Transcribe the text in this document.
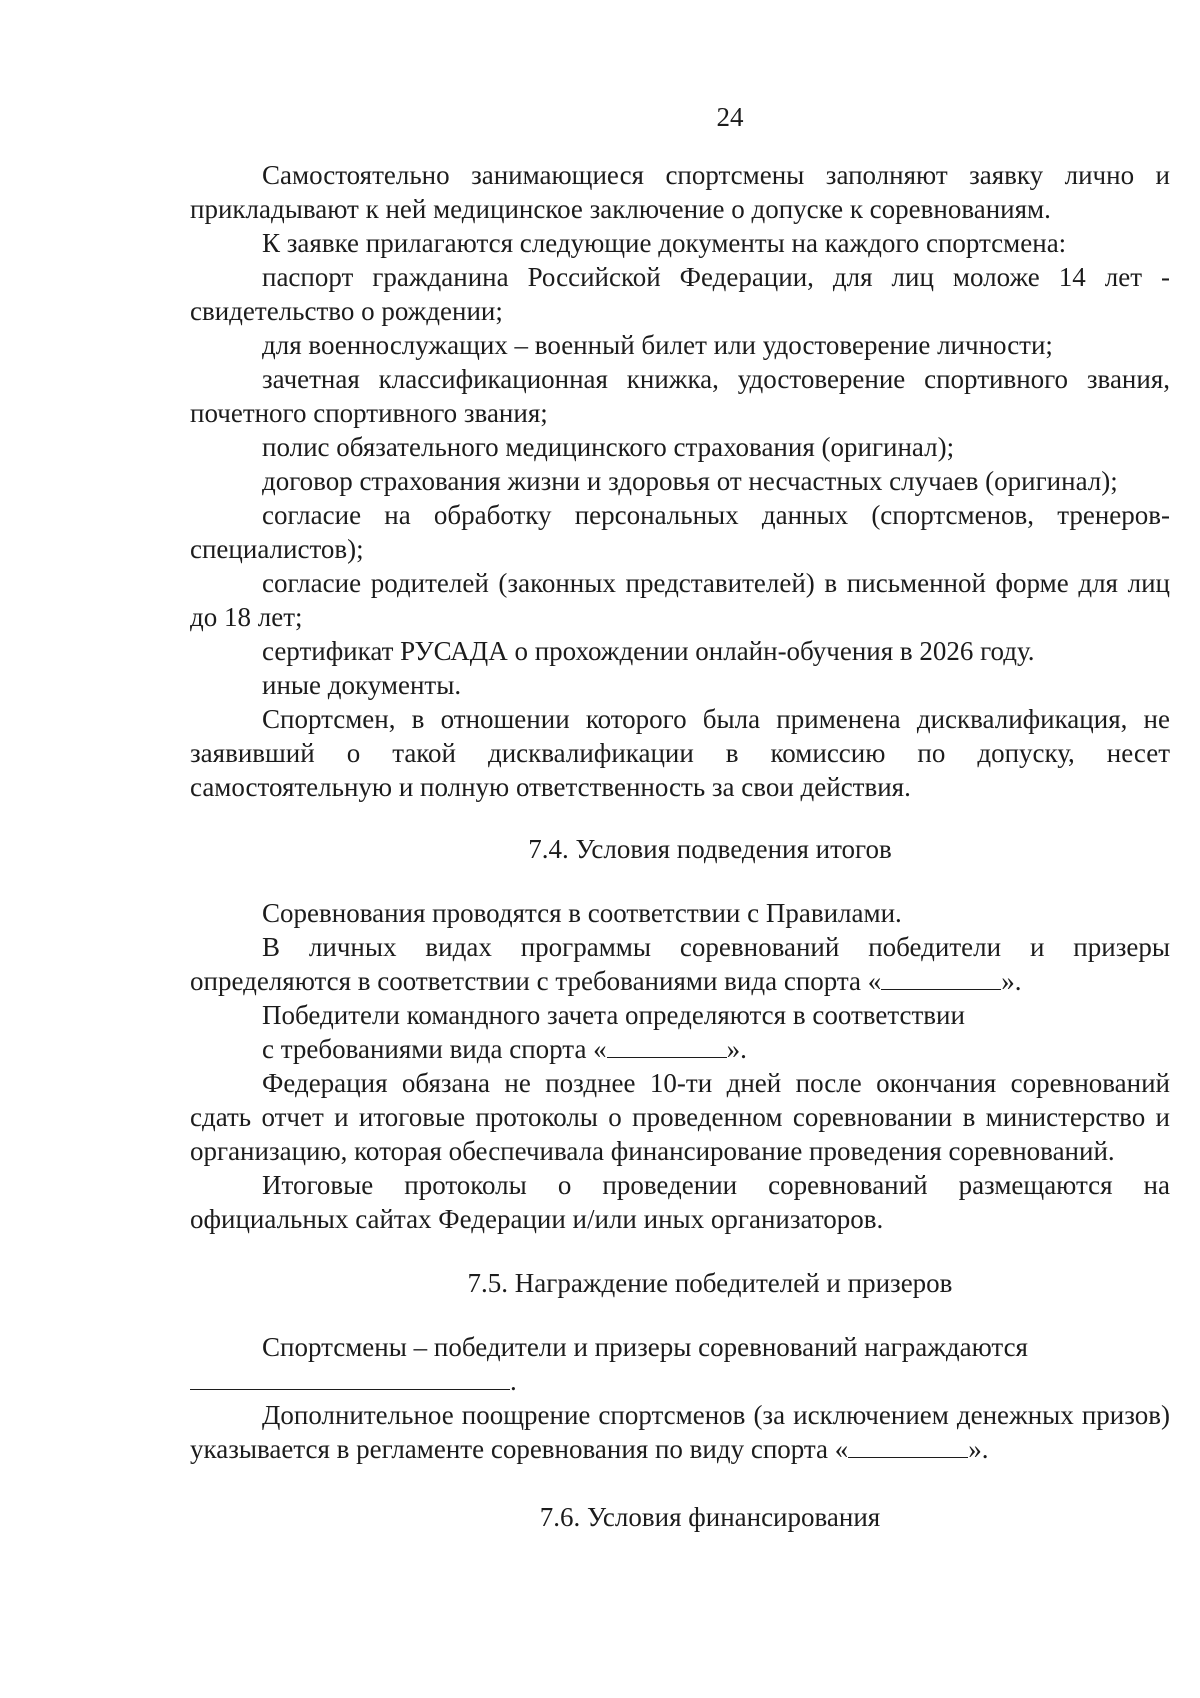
24

Самостоятельно занимающиеся спортсмены заполняют заявку лично и прикладывают к ней медицинское заключение о допуске к соревнованиям.

К заявке прилагаются следующие документы на каждого спортсмена:

паспорт гражданина Российской Федерации, для лиц моложе 14 лет - свидетельство о рождении;

для военнослужащих – военный билет или удостоверение личности;

зачетная классификационная книжка, удостоверение спортивного звания, почетного спортивного звания;

полис обязательного медицинского страхования (оригинал);

договор страхования жизни и здоровья от несчастных случаев (оригинал);

согласие на обработку персональных данных (спортсменов, тренеров-специалистов);

согласие родителей (законных представителей) в письменной форме для лиц до 18 лет;

сертификат РУСАДА о прохождении онлайн-обучения в 2026 году.

иные документы.

Спортсмен, в отношении которого была применена дисквалификация, не заявивший о такой дисквалификации в комиссию по допуску, несет самостоятельную и полную ответственность за свои действия.

7.4. Условия подведения итогов

Соревнования проводятся в соответствии с Правилами.

В личных видах программы соревнований победители и призеры определяются в соответствии с требованиями вида спорта «	».

Победители командного зачета определяются в соответствии

с требованиями вида спорта «	».

Федерация обязана не позднее 10-ти дней после окончания соревнований сдать отчет и итоговые протоколы о проведенном соревновании в министерство и организацию, которая обеспечивала финансирование проведения соревнований.

Итоговые протоколы о проведении соревнований размещаются на официальных сайтах Федерации и/или иных организаторов.

7.5. Награждение победителей и призеров

Спортсмены – победители и призеры соревнований награждаются

.

Дополнительное поощрение спортсменов (за исключением денежных призов) указывается в регламенте соревнования по виду спорта «	».

7.6. Условия финансирования
